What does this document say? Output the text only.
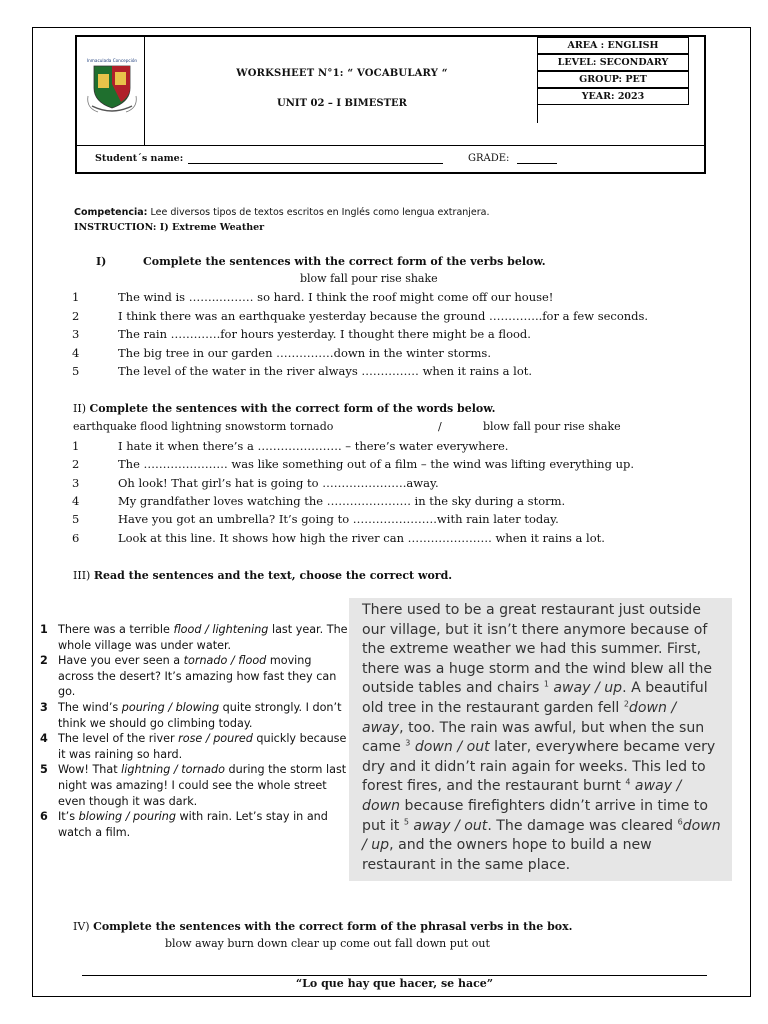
Inmaculada Concepción
WORKSHEET N°1: “ VOCABULARY “
UNIT 02 – I BIMESTER
AREA : ENGLISH
LEVEL: SECONDARY
GROUP: PET
YEAR: 2023
Student´s name:	GRADE:
Competencia: Lee diversos tipos de textos escritos en Inglés como lengua extranjera.
INSTRUCTION: I) Extreme Weather
I)	Complete the sentences with the correct form of the verbs below.
blow fall pour rise shake
1	The wind is ……..……… so hard. I think the roof might come off our house!
2	I think there was an earthquake yesterday because the ground …………..for a few seconds.
3	The rain ………….for hours yesterday. I thought there might be a flood.
4	The big tree in our garden ……………down in the winter storms.
5	The level of the water in the river always …………… when it rains a lot.
II) Complete the sentences with the correct form of the words below.
earthquake flood lightning snowstorm tornado	/	blow fall pour rise shake
1	I hate it when there’s a …………………. – there’s water everywhere.
2	The …………………. was like something out of a film – the wind was lifting everything up.
3	Oh look! That girl’s hat is going to ………………….away.
4	My grandfather loves watching the …………………. in the sky during a storm.
5	Have you got an umbrella? It’s going to ………………….with rain later today.
6	Look at this line. It shows how high the river can …………………. when it rains a lot.
III) Read the sentences and the text, choose the correct word.
1 There was a terrible flood / lightening last year. The whole village was under water.
2 Have you ever seen a tornado / flood moving across the desert? It’s amazing how fast they can go.
3 The wind’s pouring / blowing quite strongly. I don’t think we should go climbing today.
4 The level of the river rose / poured quickly because it was raining so hard.
5 Wow! That lightning / tornado during the storm last night was amazing! I could see the whole street even though it was dark.
6 It’s blowing / pouring with rain. Let’s stay in and watch a film.
There used to be a great restaurant just outside our village, but it isn’t there anymore because of the extreme weather we had this summer. First, there was a huge storm and the wind blew all the outside tables and chairs $^1$ away / up. A beautiful old tree in the restaurant garden fell $^2$down / away, too. The rain was awful, but when the sun came $^3$ down / out later, everywhere became very dry and it didn’t rain again for weeks. This led to forest fires, and the restaurant burnt $^4$ away / down because firefighters didn’t arrive in time to put it $^5$ away / out. The damage was cleared $^6$down / up, and the owners hope to build a new restaurant in the same place.
IV) Complete the sentences with the correct form of the phrasal verbs in the box.
blow away burn down clear up come out fall down put out
“Lo que hay que hacer, se hace”
